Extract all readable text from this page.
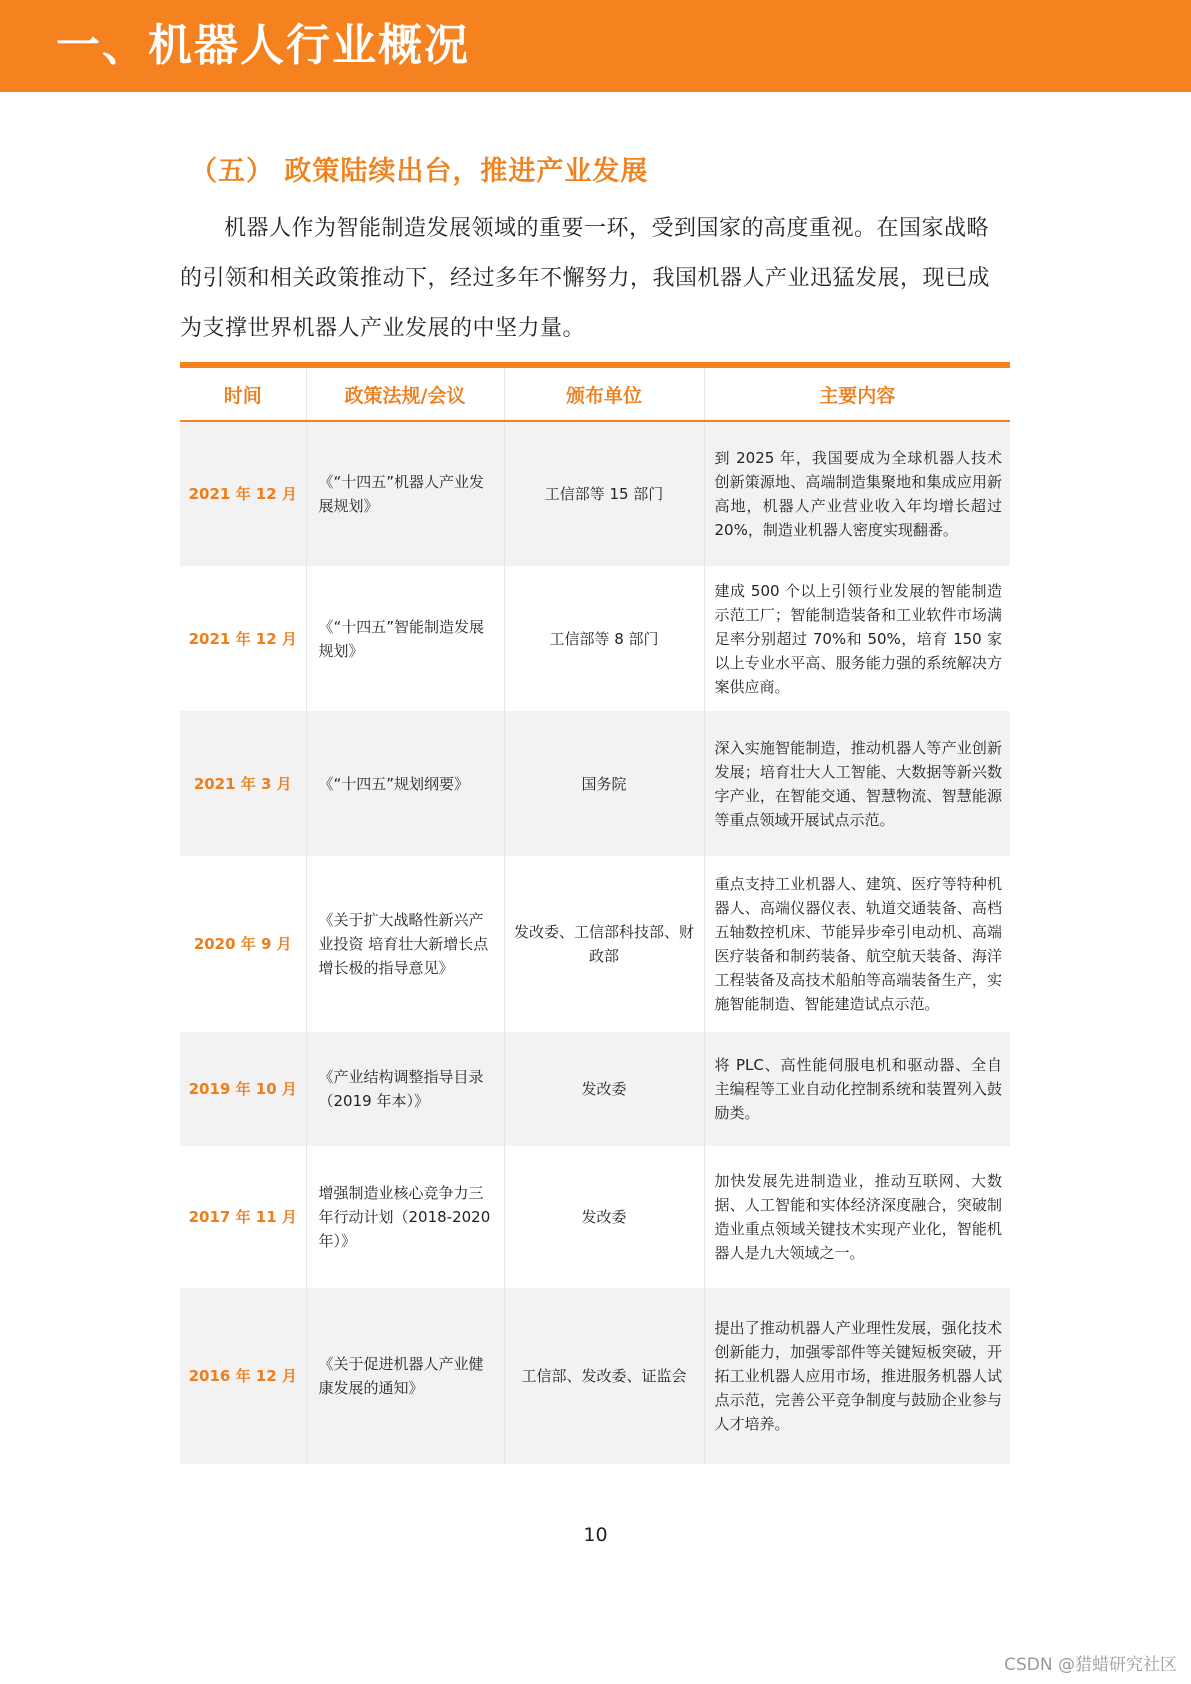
一、机器人行业概况
（五） 政策陆续出台，推进产业发展
机器人作为智能制造发展领域的重要一环，受到国家的高度重视。在国家战略的引领和相关政策推动下，经过多年不懈努力，我国机器人产业迅猛发展，现已成为支撑世界机器人产业发展的中坚力量。
时间	政策法规/会议	颁布单位	主要内容
2021 年 12 月	《“十四五”机器人产业发展规划》	工信部等 15 部门	到 2025 年，我国要成为全球机器人技术创新策源地、高端制造集聚地和集成应用新高地，机器人产业营业收入年均增长超过 20%，制造业机器人密度实现翻番。
2021 年 12 月	《“十四五”智能制造发展规划》	工信部等 8 部门	建成 500 个以上引领行业发展的智能制造示范工厂；智能制造装备和工业软件市场满足率分别超过 70%和 50%，培育 150 家以上专业水平高、服务能力强的系统解决方案供应商。
2021 年 3 月	《“十四五”规划纲要》	国务院	深入实施智能制造，推动机器人等产业创新发展；培育壮大人工智能、大数据等新兴数字产业，在智能交通、智慧物流、智慧能源等重点领域开展试点示范。
2020 年 9 月	《关于扩大战略性新兴产业投资 培育壮大新增长点增长极的指导意见》	发改委、工信部科技部、财政部	重点支持工业机器人、建筑、医疗等特种机器人、高端仪器仪表、轨道交通装备、高档五轴数控机床、节能异步牵引电动机、高端医疗装备和制药装备、航空航天装备、海洋工程装备及高技术船舶等高端装备生产，实施智能制造、智能建造试点示范。
2019 年 10 月	《产业结构调整指导目录（2019 年本）》	发改委	将 PLC、高性能伺服电机和驱动器、全自主编程等工业自动化控制系统和装置列入鼓励类。
2017 年 11 月	增强制造业核心竞争力三年行动计划（2018-2020 年）》	发改委	加快发展先进制造业，推动互联网、大数据、人工智能和实体经济深度融合，突破制造业重点领域关键技术实现产业化，智能机器人是九大领域之一。
2016 年 12 月	《关于促进机器人产业健康发展的通知》	工信部、发改委、证监会	提出了推动机器人产业理性发展，强化技术创新能力，加强零部件等关键短板突破，开拓工业机器人应用市场，推进服务机器人试点示范，完善公平竞争制度与鼓励企业参与人才培养。
10
CSDN @猎蜡研究社区
